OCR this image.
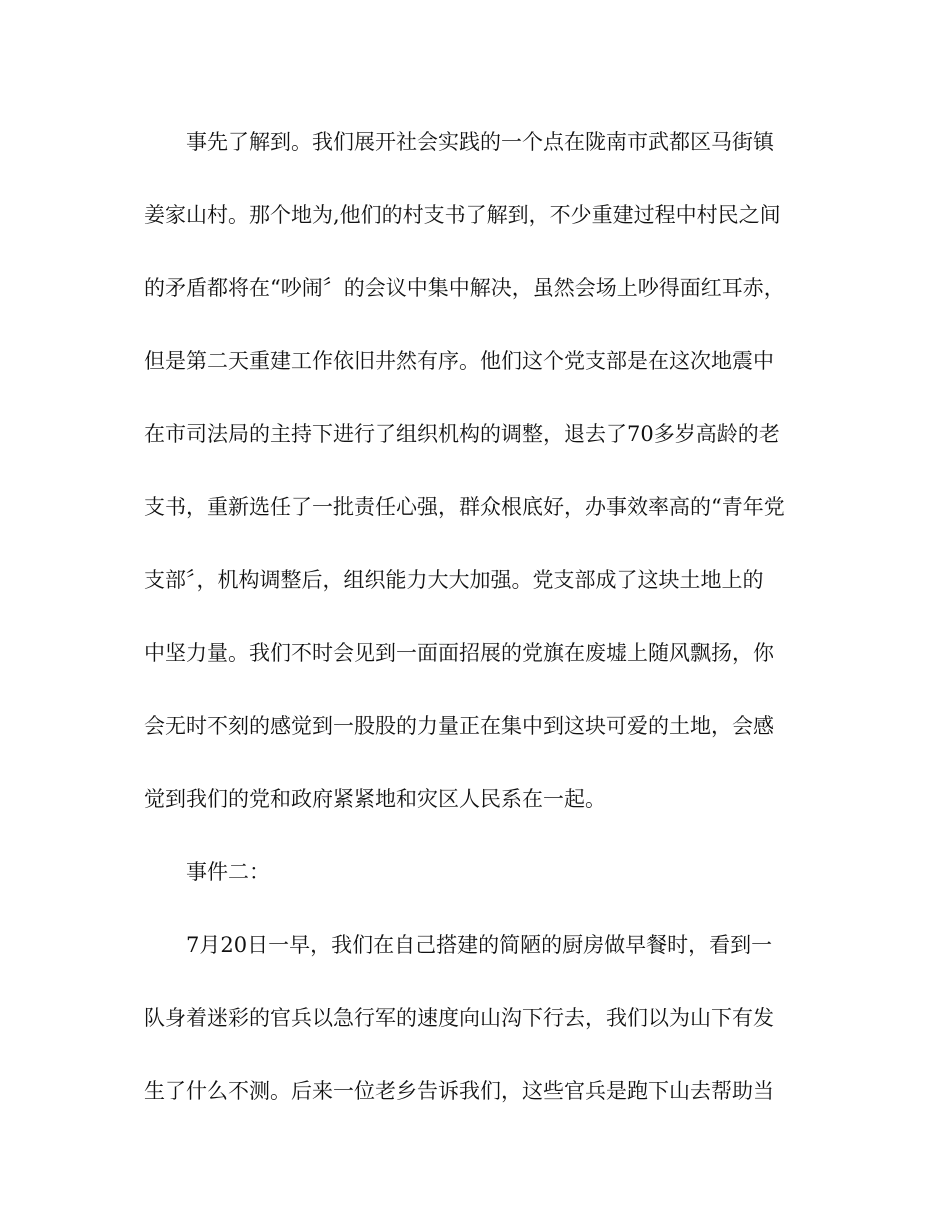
事先了解到。我们展开社会实践的一个点在陇南市武都区马街镇
姜家山村。那个地为,他们的村支书了解到，不少重建过程中村民之间
的矛盾都将在“吵闹〞的会议中集中解决，虽然会场上吵得面红耳赤，
但是第二天重建工作依旧井然有序。他们这个党支部是在这次地震中
在市司法局的主持下进行了组织机构的调整，退去了70多岁高龄的老
支书，重新选任了一批责任心强，群众根底好，办事效率高的“青年党
支部〞，机构调整后，组织能力大大加强。党支部成了这块土地上的
中坚力量。我们不时会见到一面面招展的党旗在废墟上随风飘扬，你
会无时不刻的感觉到一股股的力量正在集中到这块可爱的土地，会感
觉到我们的党和政府紧紧地和灾区人民系在一起。
事件二：
7月20日一早，我们在自己搭建的简陋的厨房做早餐时，看到一
队身着迷彩的官兵以急行军的速度向山沟下行去，我们以为山下有发
生了什么不测。后来一位老乡告诉我们，这些官兵是跑下山去帮助当
